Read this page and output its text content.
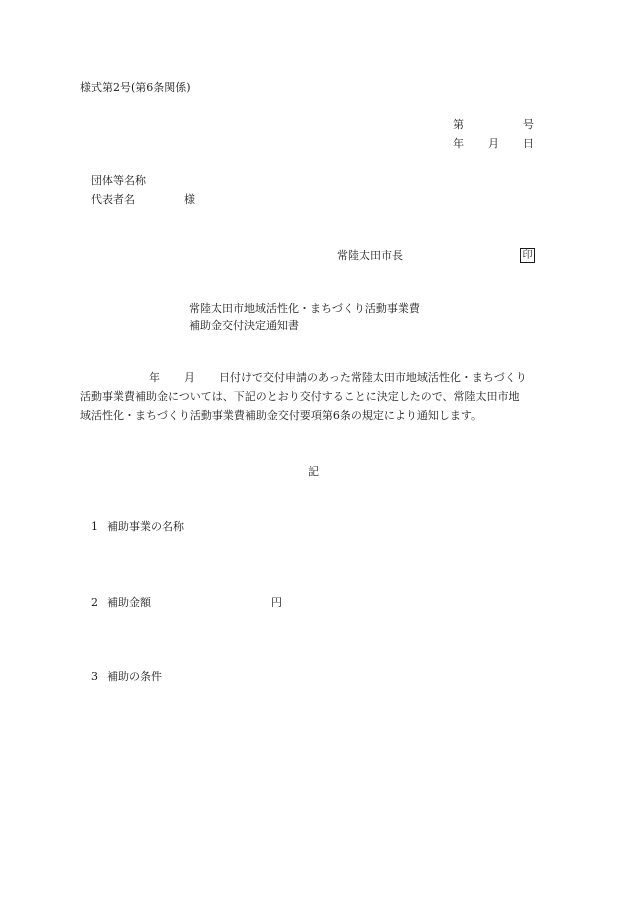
様式第2号(第6条関係)
第	号
年 月 日
団体等名称
代表者名	様
常陸太田市長	印
常陸太田市地域活性化・まちづくり活動事業費
補助金交付決定通知書
年 月 日付けで交付申請のあった常陸太田市地域活性化・まちづくり
活動事業費補助金については、下記のとおり交付することに決定したので、常陸太田市地
域活性化・まちづくり活動事業費補助金交付要項第6条の規定により通知します。
記
1 補助事業の名称
2 補助金額	円
3 補助の条件
